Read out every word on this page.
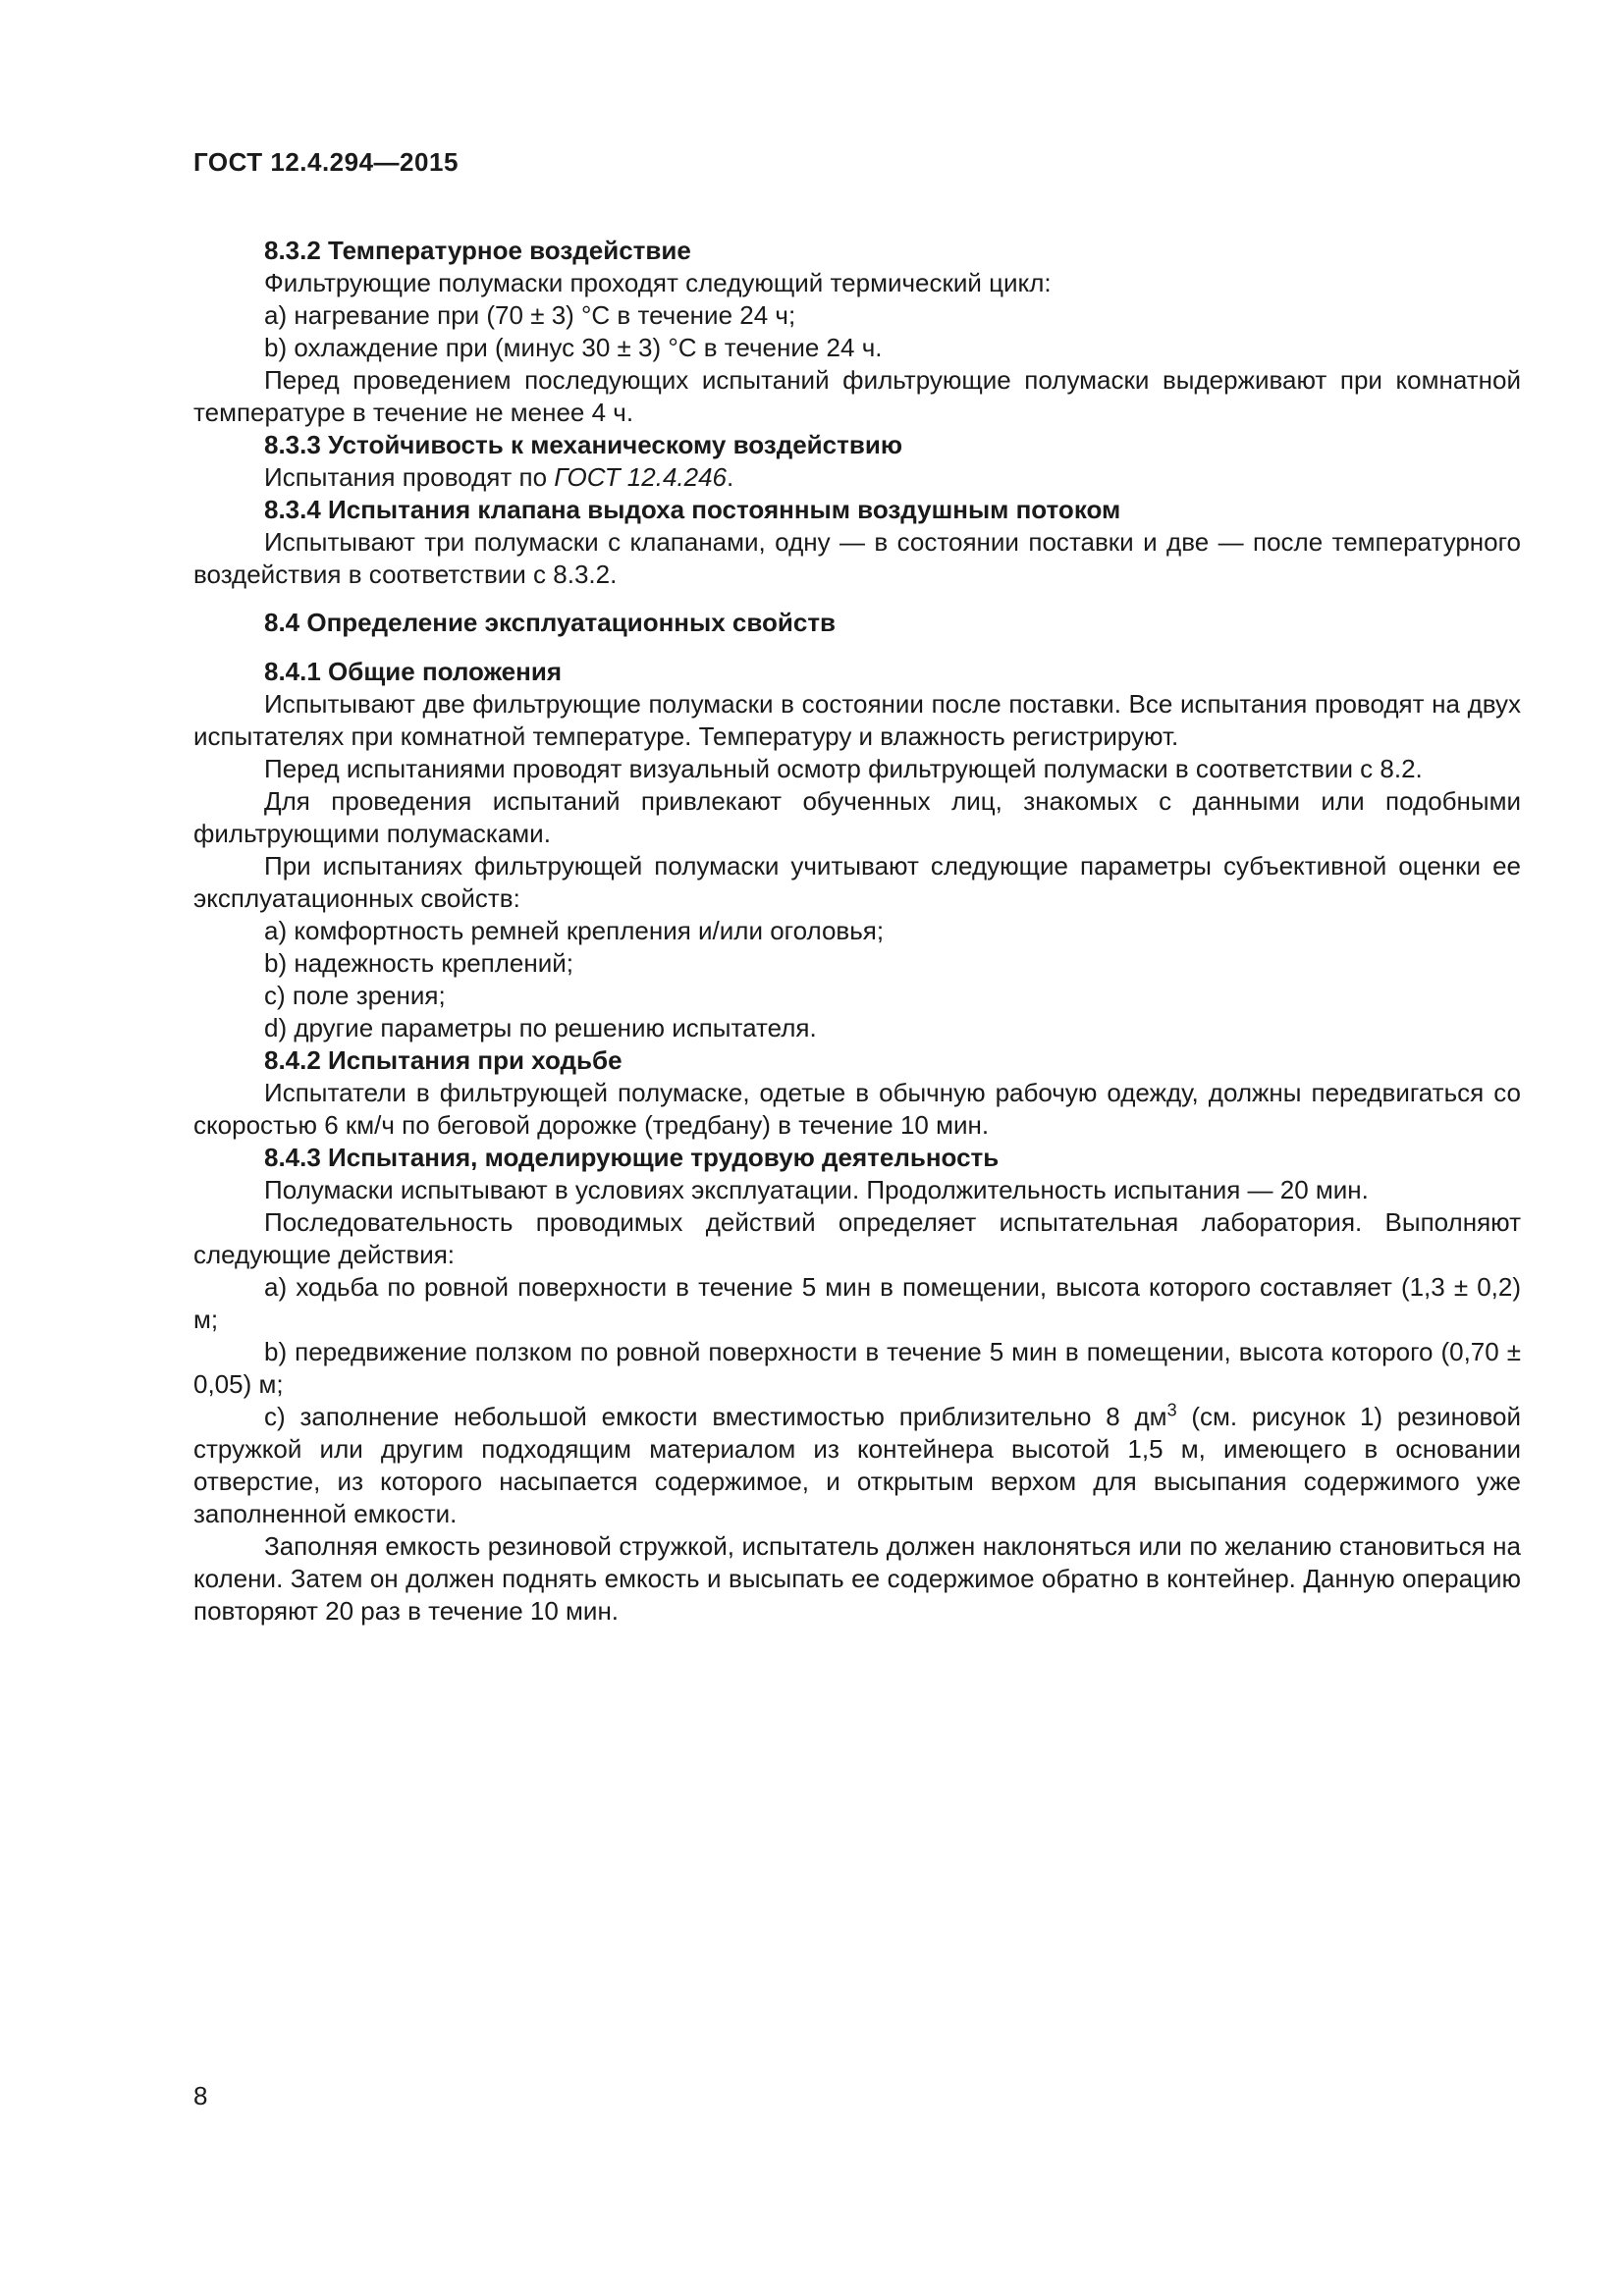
ГОСТ 12.4.294—2015

8.3.2 Температурное воздействие

Фильтрующие полумаски проходят следующий термический цикл:

a) нагревание при (70 ± 3) °С в течение 24 ч;

b) охлаждение при (минус 30 ± 3) °С в течение 24 ч.

Перед проведением последующих испытаний фильтрующие полумаски выдерживают при комнатной температуре в течение не менее 4 ч.

8.3.3 Устойчивость к механическому воздействию

Испытания проводят по ГОСТ 12.4.246.

8.3.4 Испытания клапана выдоха постоянным воздушным потоком

Испытывают три полумаски с клапанами, одну — в состоянии поставки и две — после температурного воздействия в соответствии с 8.3.2.

8.4 Определение эксплуатационных свойств

8.4.1 Общие положения

Испытывают две фильтрующие полумаски в состоянии после поставки. Все испытания проводят на двух испытателях при комнатной температуре. Температуру и влажность регистрируют.

Перед испытаниями проводят визуальный осмотр фильтрующей полумаски в соответствии с 8.2.

Для проведения испытаний привлекают обученных лиц, знакомых с данными или подобными фильтрующими полумасками.

При испытаниях фильтрующей полумаски учитывают следующие параметры субъективной оценки ее эксплуатационных свойств:

a) комфортность ремней крепления и/или оголовья;

b) надежность креплений;

c) поле зрения;

d) другие параметры по решению испытателя.

8.4.2 Испытания при ходьбе

Испытатели в фильтрующей полумаске, одетые в обычную рабочую одежду, должны передвигаться со скоростью 6 км/ч по беговой дорожке (тредбану) в течение 10 мин.

8.4.3 Испытания, моделирующие трудовую деятельность

Полумаски испытывают в условиях эксплуатации. Продолжительность испытания — 20 мин.

Последовательность проводимых действий определяет испытательная лаборатория. Выполняют следующие действия:

a) ходьба по ровной поверхности в течение 5 мин в помещении, высота которого составляет (1,3 ± 0,2) м;

b) передвижение ползком по ровной поверхности в течение 5 мин в помещении, высота которого (0,70 ± 0,05) м;

c) заполнение небольшой емкости вместимостью приблизительно 8 $дм^3$ (см. рисунок 1) резиновой стружкой или другим подходящим материалом из контейнера высотой 1,5 м, имеющего в основании отверстие, из которого насыпается содержимое, и открытым верхом для высыпания содержимого уже заполненной емкости.

Заполняя емкость резиновой стружкой, испытатель должен наклоняться или по желанию становиться на колени. Затем он должен поднять емкость и высыпать ее содержимое обратно в контейнер. Данную операцию повторяют 20 раз в течение 10 мин.

8
